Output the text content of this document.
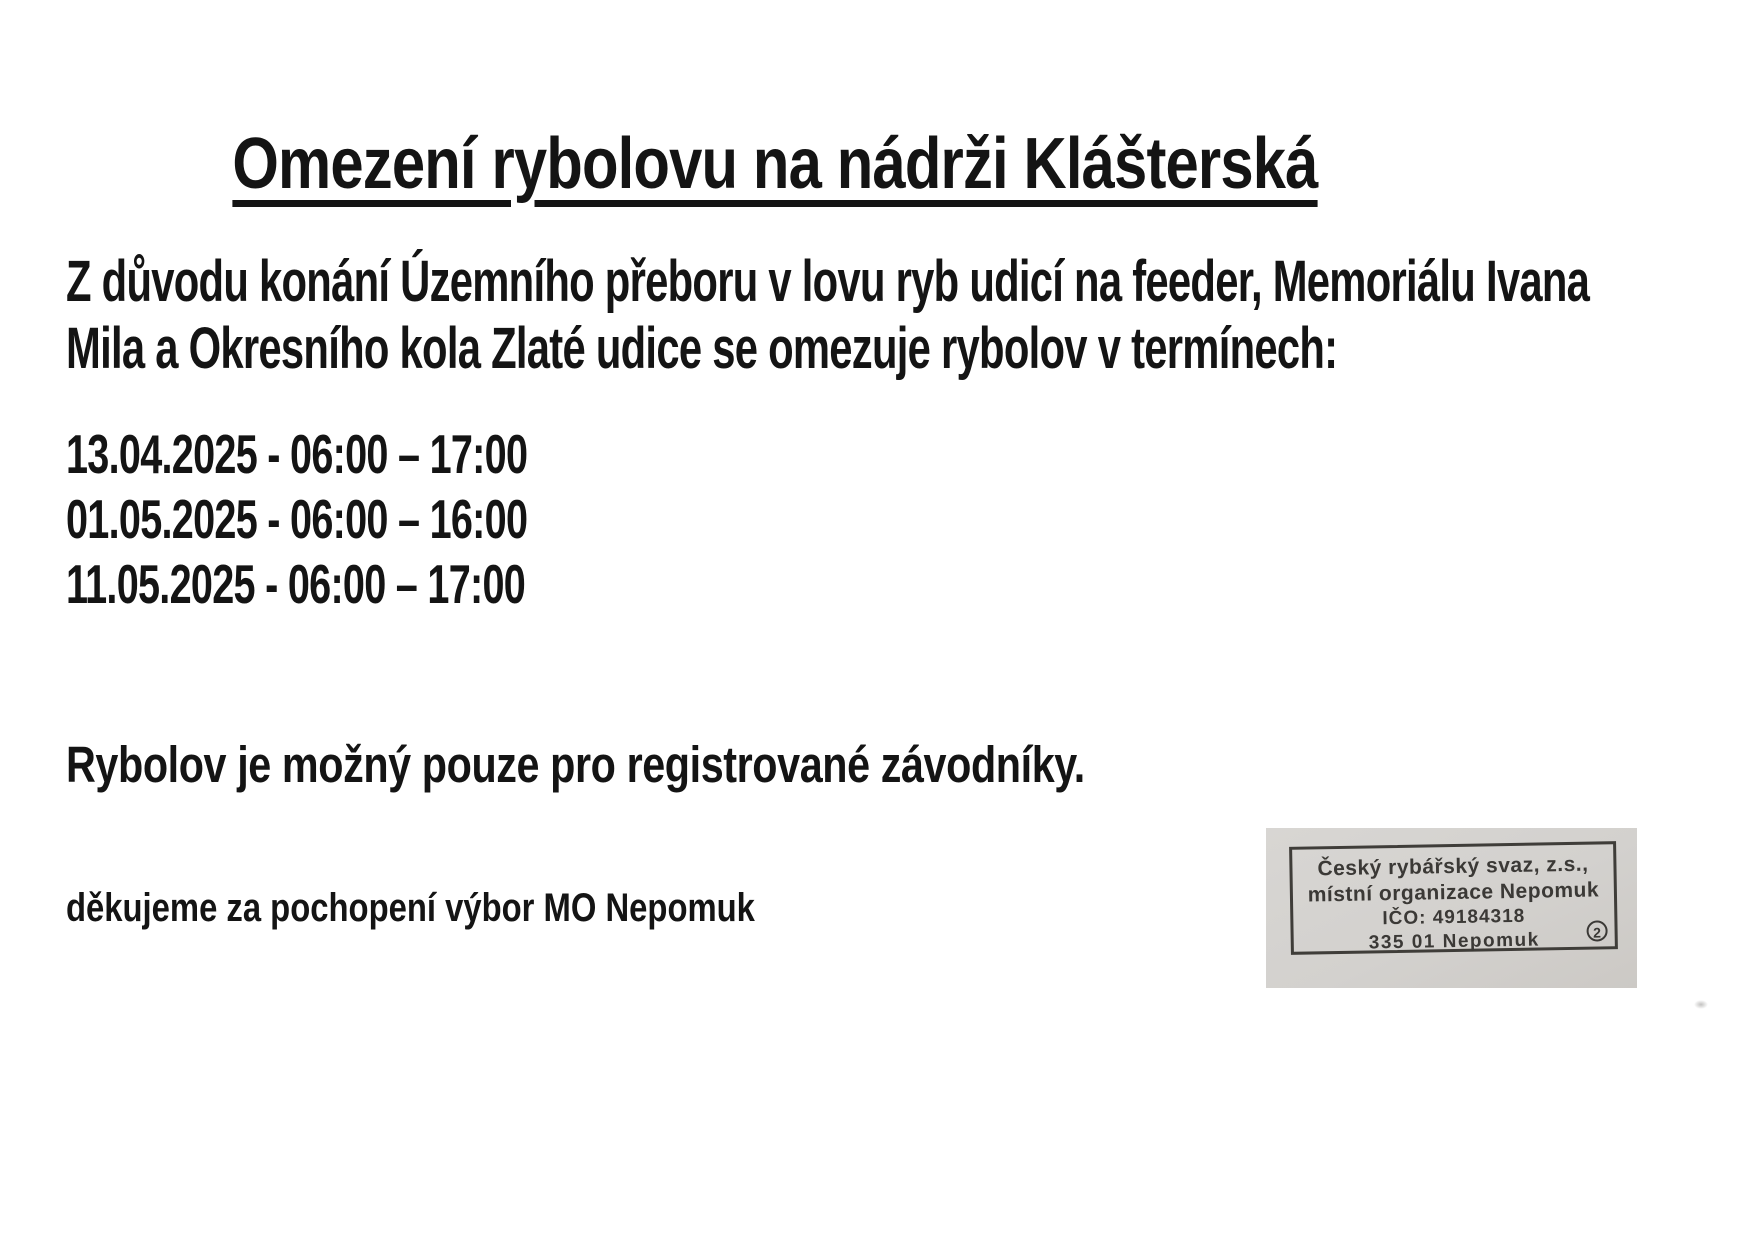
Omezení rybolovu na nádrži Klášterská
Z důvodu konání Územního přeboru v lovu ryb udicí na feeder, Memoriálu Ivana
Mila a Okresního kola Zlaté udice se omezuje rybolov v termínech:
13.04.2025 - 06:00 – 17:00
01.05.2025 - 06:00 – 16:00
11.05.2025 - 06:00 – 17:00
Rybolov je možný pouze pro registrované závodníky.
děkujeme za pochopení výbor MO Nepomuk
Český rybářský svaz, z.s.,
místní organizace Nepomuk
IČO: 49184318
335 01 Nepomuk	2
